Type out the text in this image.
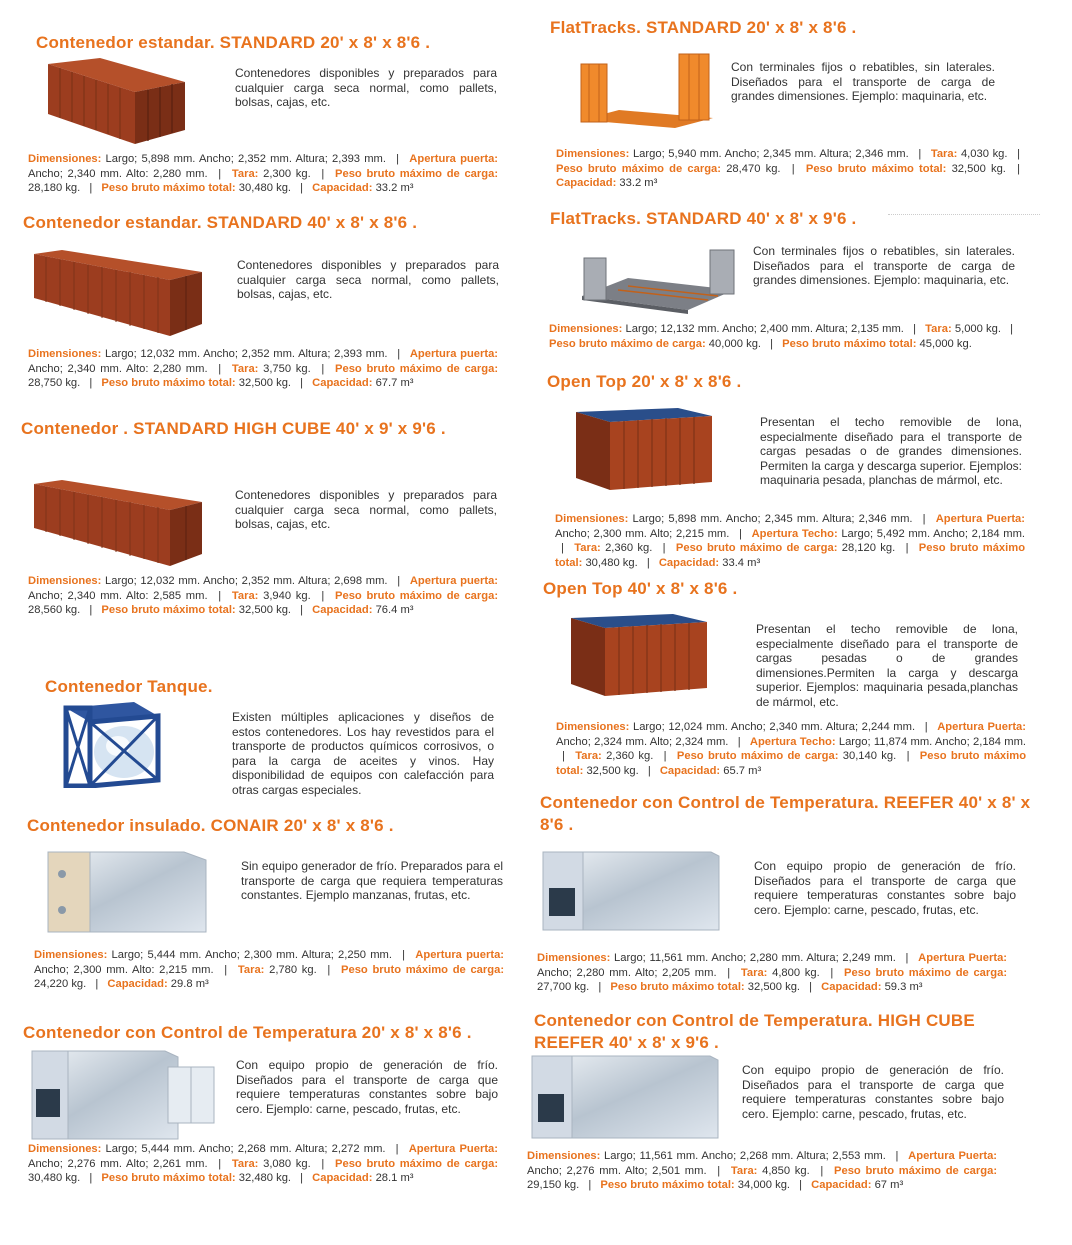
Contenedor estandar. STANDARD 20' x 8' x 8'6 .
Contenedores disponibles y preparados para cualquier carga seca normal, como pallets, bolsas, cajas, etc.
Dimensiones: Largo; 5,898 mm. Ancho; 2,352 mm. Altura; 2,393 mm. | Apertura puerta: Ancho; 2,340 mm. Alto: 2,280 mm. | Tara: 2,300 kg. | Peso bruto máximo de carga: 28,180 kg. | Peso bruto máximo total: 30,480 kg. | Capacidad: 33.2 m³
Contenedor estandar. STANDARD 40' x 8' x 8'6 .
Contenedores disponibles y preparados para cualquier carga seca normal, como pallets, bolsas, cajas, etc.
Dimensiones: Largo; 12,032 mm. Ancho; 2,352 mm. Altura; 2,393 mm. | Apertura puerta: Ancho; 2,340 mm. Alto: 2,280 mm. | Tara: 3,750 kg. | Peso bruto máximo de carga: 28,750 kg. | Peso bruto máximo total: 32,500 kg. | Capacidad: 67.7 m³
Contenedor . STANDARD HIGH CUBE 40' x 9' x 9'6 .
Contenedores disponibles y preparados para cualquier carga seca normal, como pallets, bolsas, cajas, etc.
Dimensiones: Largo; 12,032 mm. Ancho; 2,352 mm. Altura; 2,698 mm. | Apertura puerta: Ancho; 2,340 mm. Alto: 2,585 mm. | Tara: 3,940 kg. | Peso bruto máximo de carga: 28,560 kg. | Peso bruto máximo total: 32,500 kg. | Capacidad: 76.4 m³
Contenedor Tanque.
Existen múltiples aplicaciones y diseños de estos contenedores. Los hay revestidos para el transporte de productos químicos corrosivos, o para la carga de aceites y vinos. Hay disponibilidad de equipos con calefacción para otras cargas especiales.
Contenedor insulado. CONAIR 20' x 8' x 8'6 .
Sin equipo generador de frío. Preparados para el transporte de carga que requiera temperaturas constantes. Ejemplo manzanas, frutas, etc.
Dimensiones: Largo; 5,444 mm. Ancho; 2,300 mm. Altura; 2,250 mm. | Apertura puerta: Ancho; 2,300 mm. Alto: 2,215 mm. | Tara: 2,780 kg. | Peso bruto máximo de carga: 24,220 kg. | Capacidad: 29.8 m³
Contenedor con Control de Temperatura 20' x 8' x 8'6 .
Con equipo propio de generación de frío. Diseñados para el transporte de carga que requiere temperaturas constantes sobre bajo cero. Ejemplo: carne, pescado, frutas, etc.
Dimensiones: Largo; 5,444 mm. Ancho; 2,268 mm. Altura; 2,272 mm. | Apertura Puerta: Ancho; 2,276 mm. Alto; 2,261 mm. | Tara: 3,080 kg. | Peso bruto máximo de carga: 30,480 kg. | Peso bruto máximo total: 32,480 kg. | Capacidad: 28.1 m³
FlatTracks. STANDARD 20' x 8' x 8'6 .
Con terminales fijos o rebatibles, sin laterales. Diseñados para el transporte de carga de grandes dimensiones. Ejemplo: maquinaria, etc.
Dimensiones: Largo; 5,940 mm. Ancho; 2,345 mm. Altura; 2,346 mm. | Tara: 4,030 kg. | Peso bruto máximo de carga: 28,470 kg. | Peso bruto máximo total: 32,500 kg. | Capacidad: 33.2 m³
FlatTracks. STANDARD 40' x 8' x 9'6 .
Con terminales fijos o rebatibles, sin laterales. Diseñados para el transporte de carga de grandes dimensiones. Ejemplo: maquinaria, etc.
Dimensiones: Largo; 12,132 mm. Ancho; 2,400 mm. Altura; 2,135 mm. | Tara: 5,000 kg. | Peso bruto máximo de carga: 40,000 kg. | Peso bruto máximo total: 45,000 kg.
Open Top 20' x 8' x 8'6 .
Presentan el techo removible de lona, especialmente diseñado para el transporte de cargas pesadas o de grandes dimensiones. Permiten la carga y descarga superior. Ejemplos: maquinaria pesada, planchas de mármol, etc.
Dimensiones: Largo; 5,898 mm. Ancho; 2,345 mm. Altura; 2,346 mm. | Apertura Puerta: Ancho; 2,300 mm. Alto; 2,215 mm. | Apertura Techo: Largo; 5,492 mm. Ancho; 2,184 mm. | Tara: 2,360 kg. | Peso bruto máximo de carga: 28,120 kg. | Peso bruto máximo total: 30,480 kg. | Capacidad: 33.4 m³
Open Top 40' x 8' x 8'6 .
Presentan el techo removible de lona, especialmente diseñado para el transporte de cargas pesadas o de grandes dimensiones.Permiten la carga y descarga superior. Ejemplos: maquinaria pesada,planchas de mármol, etc.
Dimensiones: Largo; 12,024 mm. Ancho; 2,340 mm. Altura; 2,244 mm. | Apertura Puerta: Ancho; 2,324 mm. Alto; 2,324 mm. | Apertura Techo: Largo; 11,874 mm. Ancho; 2,184 mm. | Tara: 2,360 kg. | Peso bruto máximo de carga: 30,140 kg. | Peso bruto máximo total: 32,500 kg. | Capacidad: 65.7 m³
Contenedor con Control de Temperatura. REEFER 40' x 8' x 8'6 .
Con equipo propio de generación de frío. Diseñados para el transporte de carga que requiere temperaturas constantes sobre bajo cero. Ejemplo: carne, pescado, frutas, etc.
Dimensiones: Largo; 11,561 mm. Ancho; 2,280 mm. Altura; 2,249 mm. | Apertura Puerta: Ancho; 2,280 mm. Alto; 2,205 mm. | Tara: 4,800 kg. | Peso bruto máximo de carga: 27,700 kg. | Peso bruto máximo total: 32,500 kg. | Capacidad: 59.3 m³
Contenedor con Control de Temperatura. HIGH CUBE REEFER 40' x 8' x 9'6 .
Con equipo propio de generación de frío. Diseñados para el transporte de carga que requiere temperaturas constantes sobre bajo cero. Ejemplo: carne, pescado, frutas, etc.
Dimensiones: Largo; 11,561 mm. Ancho; 2,268 mm. Altura; 2,553 mm. | Apertura Puerta: Ancho; 2,276 mm. Alto; 2,501 mm. | Tara: 4,850 kg. | Peso bruto máximo de carga: 29,150 kg. | Peso bruto máximo total: 34,000 kg. | Capacidad: 67 m³
